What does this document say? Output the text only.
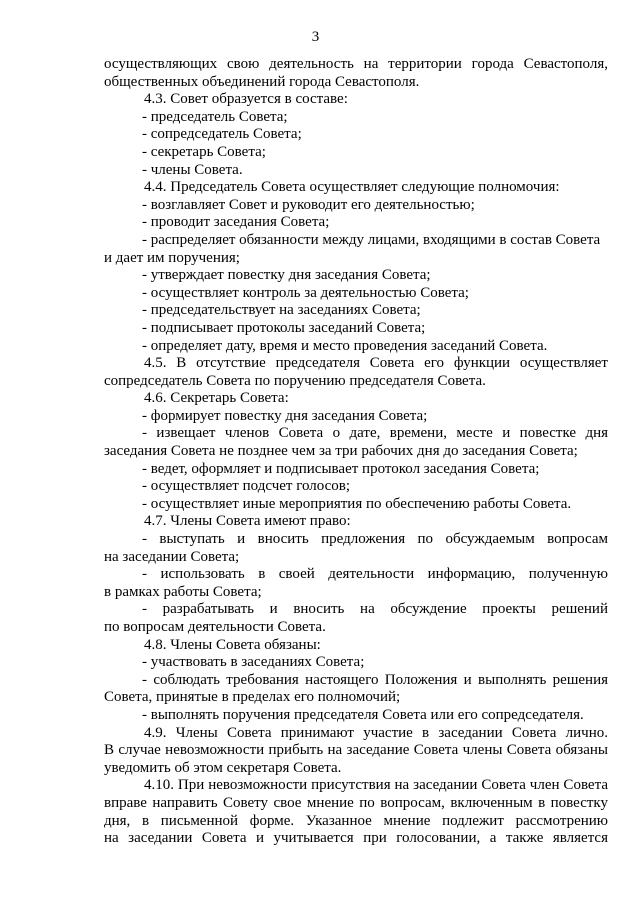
3
осуществляющих свою деятельность на территории города Севастополя,
общественных объединений города Севастополя.
4.3. Совет образуется в составе:
- председатель Совета;
- сопредседатель Совета;
- секретарь Совета;
- члены Совета.
4.4. Председатель Совета осуществляет следующие полномочия:
- возглавляет Совет и руководит его деятельностью;
- проводит заседания Совета;
- распределяет обязанности между лицами, входящими в состав Совета
и дает им поручения;
- утверждает повестку дня заседания Совета;
- осуществляет контроль за деятельностью Совета;
- председательствует на заседаниях Совета;
- подписывает протоколы заседаний Совета;
- определяет дату, время и место проведения заседаний Совета.
4.5. В отсутствие председателя Совета его функции осуществляет
сопредседатель Совета по поручению председателя Совета.
4.6. Секретарь Совета:
- формирует повестку дня заседания Совета;
- извещает членов Совета о дате, времени, месте и повестке дня
заседания Совета не позднее чем за три рабочих дня до заседания Совета;
- ведет, оформляет и подписывает протокол заседания Совета;
- осуществляет подсчет голосов;
- осуществляет иные мероприятия по обеспечению работы Совета.
4.7. Члены Совета имеют право:
- выступать и вносить предложения по обсуждаемым вопросам
на заседании Совета;
- использовать в своей деятельности информацию, полученную
в рамках работы Совета;
- разрабатывать и вносить на обсуждение проекты решений
по вопросам деятельности Совета.
4.8. Члены Совета обязаны:
- участвовать в заседаниях Совета;
- соблюдать требования настоящего Положения и выполнять решения
Совета, принятые в пределах его полномочий;
- выполнять поручения председателя Совета или его сопредседателя.
4.9. Члены Совета принимают участие в заседании Совета лично.
В случае невозможности прибыть на заседание Совета члены Совета обязаны
уведомить об этом секретаря Совета.
4.10. При невозможности присутствия на заседании Совета член Совета
вправе направить Совету свое мнение по вопросам, включенным в повестку
дня, в письменной форме. Указанное мнение подлежит рассмотрению
на заседании Совета и учитывается при голосовании, а также является
